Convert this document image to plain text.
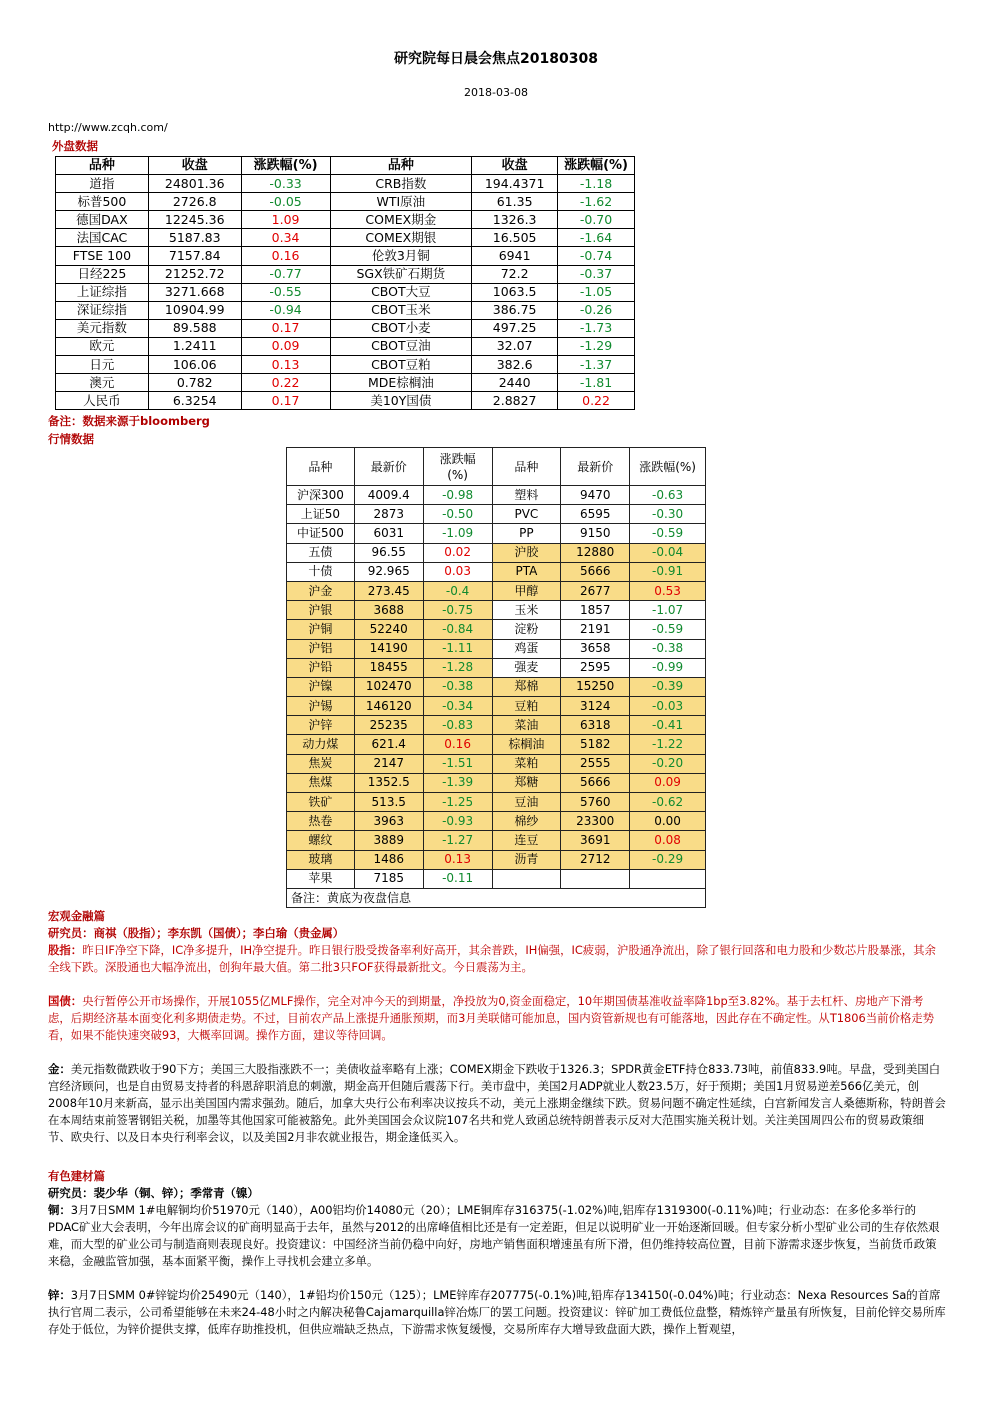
研究院每日晨会焦点20180308
2018-03-08
http://www.zcqh.com/
外盘数据
品种	收盘	涨跌幅(%)	品种	收盘	涨跌幅(%)
道指	24801.36	-0.33	CRB指数	194.4371	-1.18
标普500	2726.8	-0.05	WTI原油	61.35	-1.62
德国DAX	12245.36	1.09	COMEX期金	1326.3	-0.70
法国CAC	5187.83	0.34	COMEX期银	16.505	-1.64
FTSE 100	7157.84	0.16	伦敦3月铜	6941	-0.74
日经225	21252.72	-0.77	SGX铁矿石期货	72.2	-0.37
上证综指	3271.668	-0.55	CBOT大豆	1063.5	-1.05
深证综指	10904.99	-0.94	CBOT玉米	386.75	-0.26
美元指数	89.588	0.17	CBOT小麦	497.25	-1.73
欧元	1.2411	0.09	CBOT豆油	32.07	-1.29
日元	106.06	0.13	CBOT豆粕	382.6	-1.37
澳元	0.782	0.22	MDE棕榈油	2440	-1.81
人民币	6.3254	0.17	美10Y国债	2.8827	0.22
备注：数据来源于bloomberg
行情数据
品种	最新价	涨跌幅(%)	品种	最新价	涨跌幅(%)
沪深300	4009.4	-0.98	塑料	9470	-0.63
上证50	2873	-0.50	PVC	6595	-0.30
中证500	6031	-1.09	PP	9150	-0.59
五债	96.55	0.02	沪胶	12880	-0.04
十债	92.965	0.03	PTA	5666	-0.91
沪金	273.45	-0.4	甲醇	2677	0.53
沪银	3688	-0.75	玉米	1857	-1.07
沪铜	52240	-0.84	淀粉	2191	-0.59
沪铝	14190	-1.11	鸡蛋	3658	-0.38
沪铅	18455	-1.28	强麦	2595	-0.99
沪镍	102470	-0.38	郑棉	15250	-0.39
沪锡	146120	-0.34	豆粕	3124	-0.03
沪锌	25235	-0.83	菜油	6318	-0.41
动力煤	621.4	0.16	棕榈油	5182	-1.22
焦炭	2147	-1.51	菜粕	2555	-0.20
焦煤	1352.5	-1.39	郑糖	5666	0.09
铁矿	513.5	-1.25	豆油	5760	-0.62
热卷	3963	-0.93	棉纱	23300	0.00
螺纹	3889	-1.27	连豆	3691	0.08
玻璃	1486	0.13	沥青	2712	-0.29
苹果	7185	-0.11			
备注：黄底为夜盘信息					
宏观金融篇
研究员：商祺（股指）；李东凯（国债）；李白瑜（贵金属）
股指：昨日IF净空下降，IC净多提升，IH净空提升。昨日银行股受拨备率利好高开，其余普跌，IH偏强，IC疲弱，沪股通净流出，除了银行回落和电力股和少数芯片股暴涨，其余全线下跌。深股通也大幅净流出，创狗年最大值。第二批3只FOF获得最新批文。今日震荡为主。
国债：央行暂停公开市场操作，开展1055亿MLF操作，完全对冲今天的到期量，净投放为0,资金面稳定，10年期国债基准收益率降1bp至3.82%。基于去杠杆、房地产下滑考虑，后期经济基本面变化利多期债走势。不过，目前农产品上涨提升通胀预期，而3月美联储可能加息，国内资管新规也有可能落地，因此存在不确定性。从T1806当前价格走势看，如果不能快速突破93，大概率回调。操作方面，建议等待回调。
金：美元指数微跌收于90下方；美国三大股指涨跌不一；美债收益率略有上涨；COMEX期金下跌收于1326.3；SPDR黄金ETF持仓833.73吨，前值833.9吨。早盘，受到美国白宫经济顾问，也是自由贸易支持者的科恩辞职消息的刺激，期金高开但随后震荡下行。美市盘中，美国2月ADP就业人数23.5万，好于预期；美国1月贸易逆差566亿美元，创2008年10月来新高，显示出美国国内需求强劲。随后，加拿大央行公布利率决议按兵不动，美元上涨期金继续下跌。贸易问题不确定性延续，白宫新闻发言人桑德斯称，特朗普会在本周结束前签署钢铝关税，加墨等其他国家可能被豁免。此外美国国会众议院107名共和党人致函总统特朗普表示反对大范围实施关税计划。关注美国周四公布的贸易政策细节、欧央行、以及日本央行利率会议，以及美国2月非农就业报告，期金逢低买入。
有色建材篇
研究员：裴少华（铜、锌）；季常青（镍）
铜：3月7日SMM 1#电解铜均价51970元（140），A00铝均价14080元（20）；LME铜库存316375(-1.02%)吨,铝库存1319300(-0.11%)吨；行业动态：在多伦多举行的PDAC矿业大会表明，今年出席会议的矿商明显高于去年，虽然与2012的出席峰值相比还是有一定差距，但足以说明矿业一开始逐渐回暖。但专家分析小型矿业公司的生存依然艰难，而大型的矿业公司与制造商则表现良好。投资建议：中国经济当前仍稳中向好，房地产销售面积增速虽有所下滑，但仍维持较高位置，目前下游需求逐步恢复，当前货币政策来稳，金融监管加强，基本面紧平衡，操作上寻找机会建立多单。
锌：3月7日SMM 0#锌锭均价25490元（140），1#铅均价150元（125）；LME锌库存207775(-0.1%)吨,铅库存134150(-0.04%)吨；行业动态：Nexa Resources Sa的首席执行官周二表示，公司希望能够在未来24-48小时之内解决秘鲁Cajamarquilla锌冶炼厂的罢工问题。投资建议：锌矿加工费低位盘整，精炼锌产量虽有所恢复，目前伦锌交易所库存处于低位，为锌价提供支撑，低库存助推投机，但供应端缺乏热点，下游需求恢复缓慢，交易所库存大增导致盘面大跌，操作上暂观望，
